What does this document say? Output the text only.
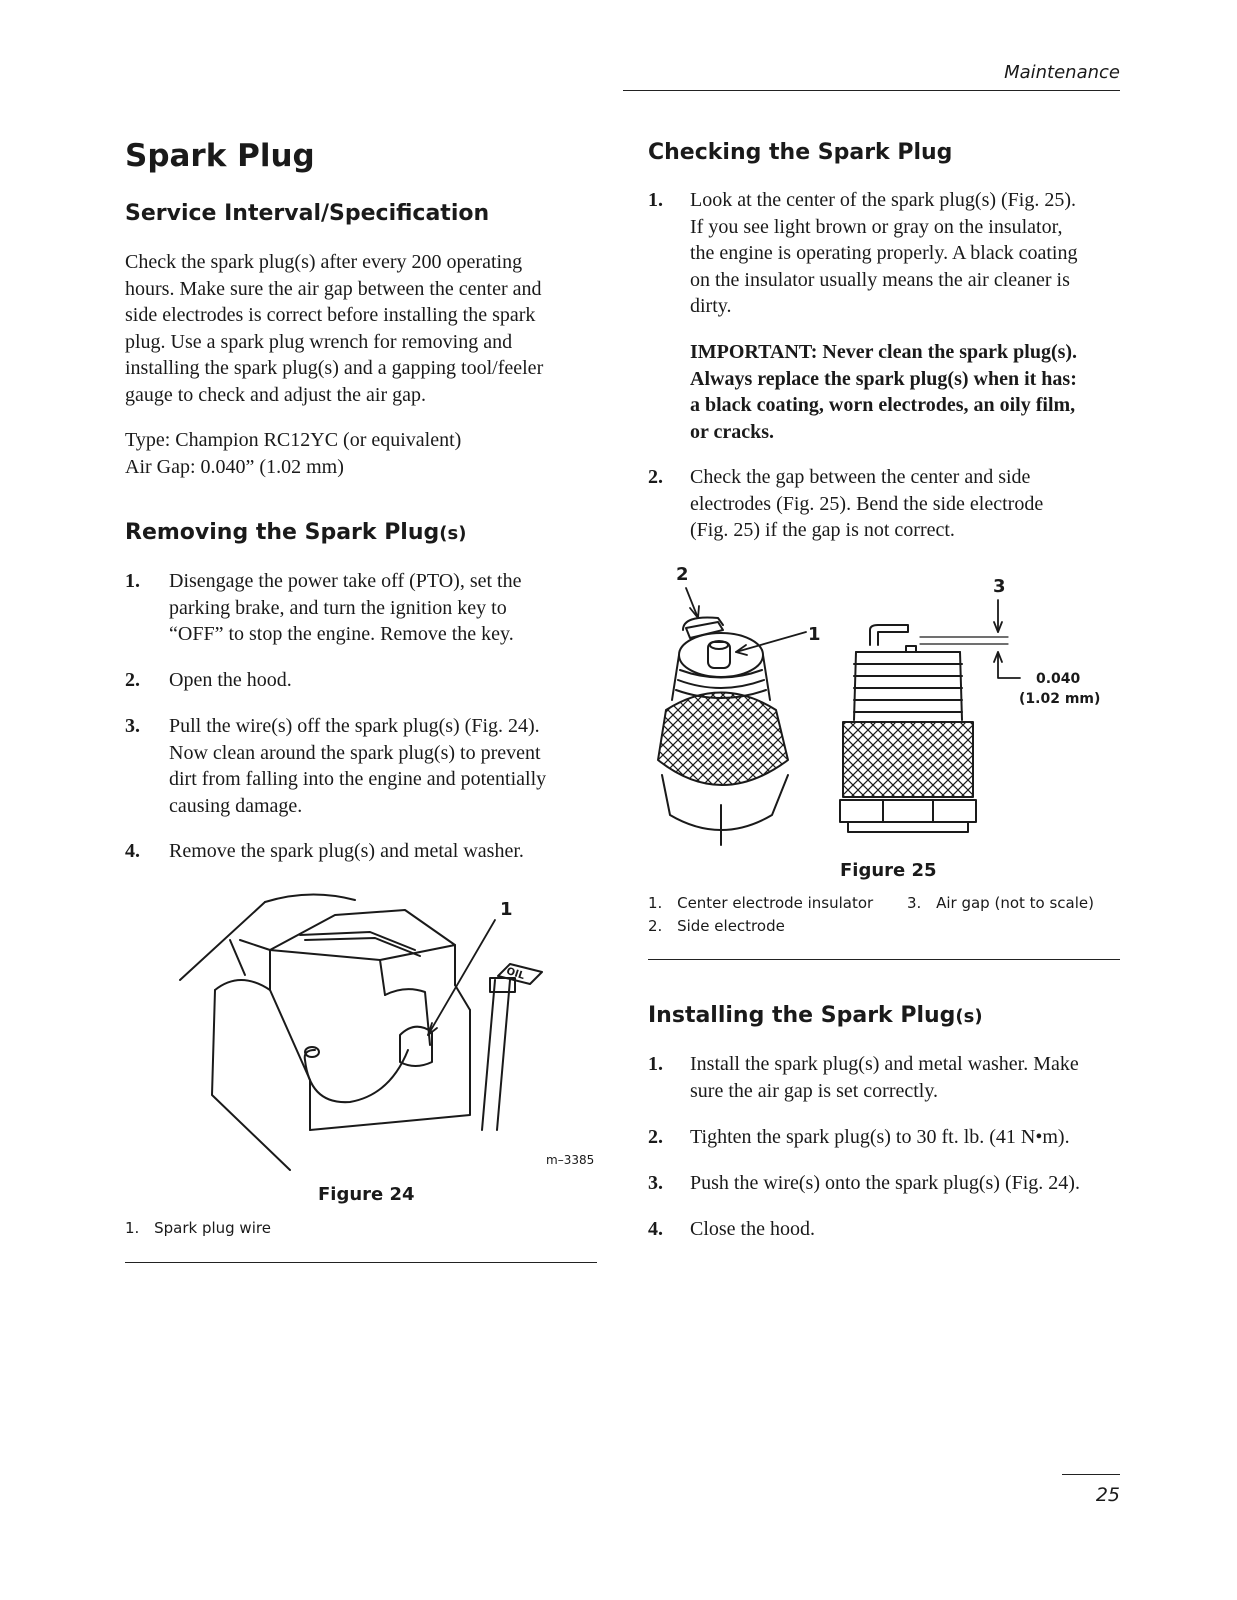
Maintenance
Spark Plug
Service Interval/Specification

Check the spark plug(s) after every 200 operating

hours. Make sure the air gap between the center and

side electrodes is correct before installing the spark

plug. Use a spark plug wrench for removing and

installing the spark plug(s) and a gapping tool/feeler

gauge to check and adjust the air gap.

Type: Champion RC12YC (or equivalent)

Air Gap: 0.040” (1.02 mm)

Removing the Spark Plug(s)
1. Disengage the power take off (PTO), set the
parking brake, and turn the ignition key to
“OFF” to stop the engine. Remove the key.
2. Open the hood.
3. Pull the wire(s) off the spark plug(s) (Fig. 24).
Now clean around the spark plug(s) to prevent
dirt from falling into the engine and potentially
causing damage.
4. Remove the spark plug(s) and metal washer.
1
OIL
m–3385
Figure 24
1. Spark plug wire
Checking the Spark Plug
1. Look at the center of the spark plug(s) (Fig. 25).
If you see light brown or gray on the insulator,
the engine is operating properly. A black coating
on the insulator usually means the air cleaner is
dirty.
IMPORTANT: Never clean the spark plug(s).
Always replace the spark plug(s) when it has:
a black coating, worn electrodes, an oily film,
or cracks.
2. Check the gap between the center and side
electrodes (Fig. 25). Bend the side electrode
(Fig. 25) if the gap is not correct.
2
1
3
0.040
(1.02 mm)
Figure 25
1. Center electrode insulator
2. Side electrode
3. Air gap (not to scale)
Installing the Spark Plug(s)
1. Install the spark plug(s) and metal washer. Make
sure the air gap is set correctly.
2. Tighten the spark plug(s) to 30 ft. lb. (41 N•m).
3. Push the wire(s) onto the spark plug(s) (Fig. 24).
4. Close the hood.
25
